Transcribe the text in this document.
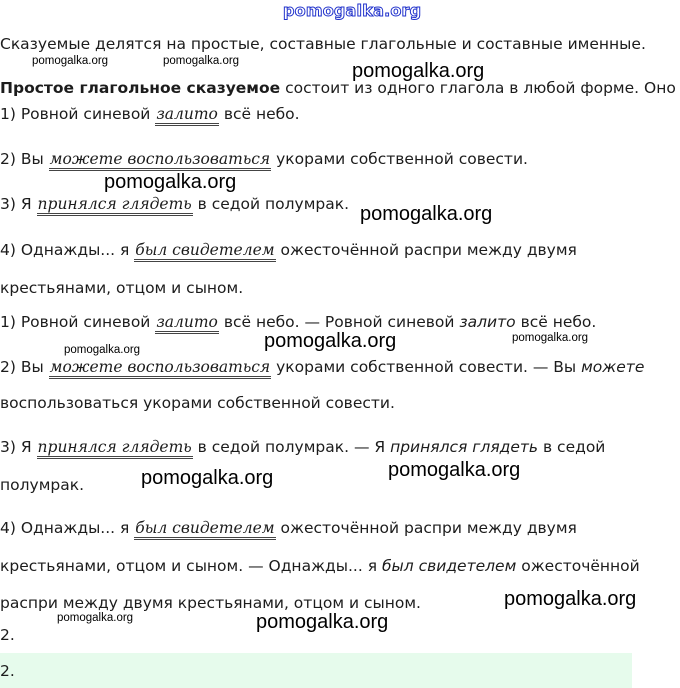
pomogalka.org
Сказуемые делятся на простые, составные глагольные и составные именные.
Простое глагольное сказуемое состоит из одного глагола в любой форме. Оно
1) Ровной синевой залито всё небо.
2) Вы можете воспользоваться укорами собственной совести.
3) Я принялся глядеть в седой полумрак.
4) Однажды... я был свидетелем ожесточённой распри между двумя
крестьянами, отцом и сыном.
1) Ровной синевой залито всё небо. — Ровной синевой залито всё небо.
2) Вы можете воспользоваться укорами собственной совести. — Вы можете
воспользоваться укорами собственной совести.
3) Я принялся глядеть в седой полумрак. — Я принялся глядеть в седой
полумрак.
4) Однажды... я был свидетелем ожесточённой распри между двумя
крестьянами, отцом и сыном. — Однажды... я был свидетелем ожесточённой
распри между двумя крестьянами, отцом и сыном.
2.
2.
pomogalka.org	pomogalka.org	pomogalka.org
pomogalka.org
pomogalka.org
pomogalka.org	pomogalka.org	pomogalka.org
pomogalka.org
pomogalka.org
pomogalka.org
pomogalka.org	pomogalka.org
